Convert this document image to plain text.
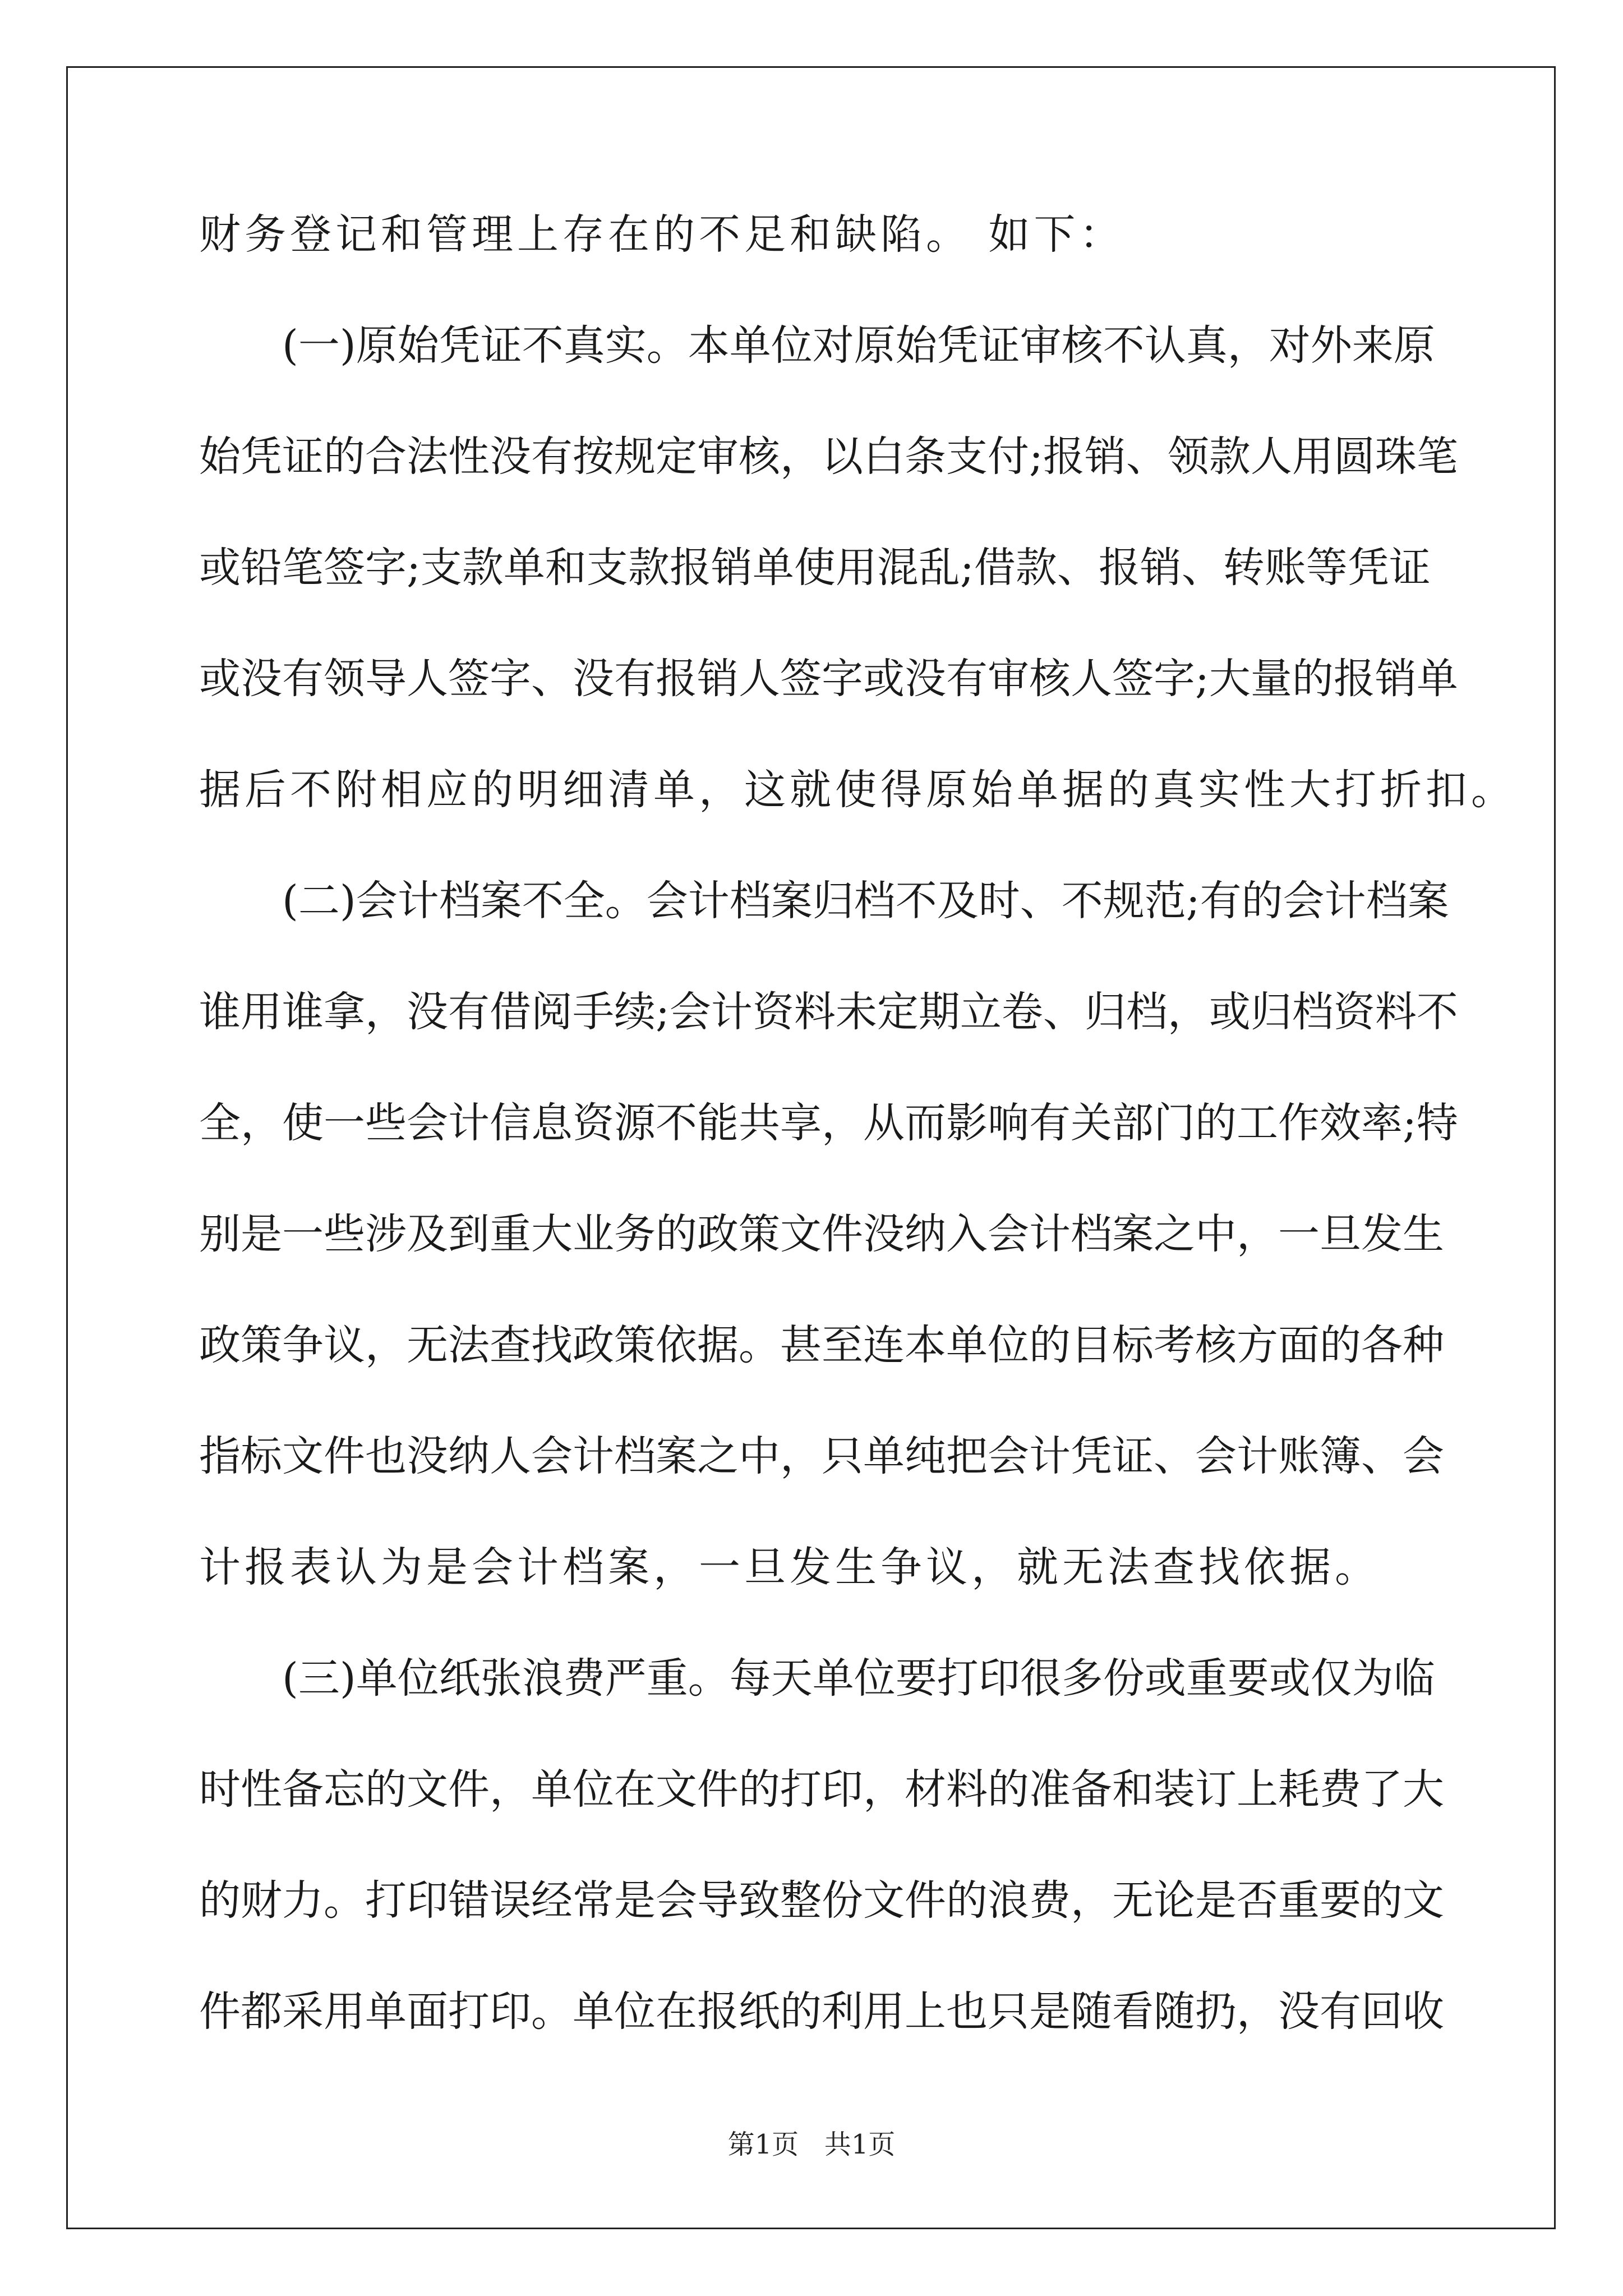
财务登记和管理上存在的不足和缺陷。 如下：
(一)原始凭证不真实。本单位对原始凭证审核不认真，对外来原
始凭证的合法性没有按规定审核，以白条支付;报销、领款人用圆珠笔
或铅笔签字;支款单和支款报销单使用混乱;借款、报销、转账等凭证
或没有领导人签字、没有报销人签字或没有审核人签字;大量的报销单
据后不附相应的明细清单，这就使得原始单据的真实性大打折扣。
(二)会计档案不全。会计档案归档不及时、不规范;有的会计档案
谁用谁拿，没有借阅手续;会计资料未定期立卷、归档，或归档资料不
全，使一些会计信息资源不能共享，从而影响有关部门的工作效率;特
别是一些涉及到重大业务的政策文件没纳入会计档案之中，一旦发生
政策争议，无法查找政策依据。甚至连本单位的目标考核方面的各种
指标文件也没纳人会计档案之中，只单纯把会计凭证、会计账簿、会
计报表认为是会计档案，一旦发生争议，就无法查找依据。
(三)单位纸张浪费严重。每天单位要打印很多份或重要或仅为临
时性备忘的文件，单位在文件的打印，材料的准备和装订上耗费了大
的财力。打印错误经常是会导致整份文件的浪费，无论是否重要的文
件都采用单面打印。单位在报纸的利用上也只是随看随扔，没有回收
第1页   共1页
